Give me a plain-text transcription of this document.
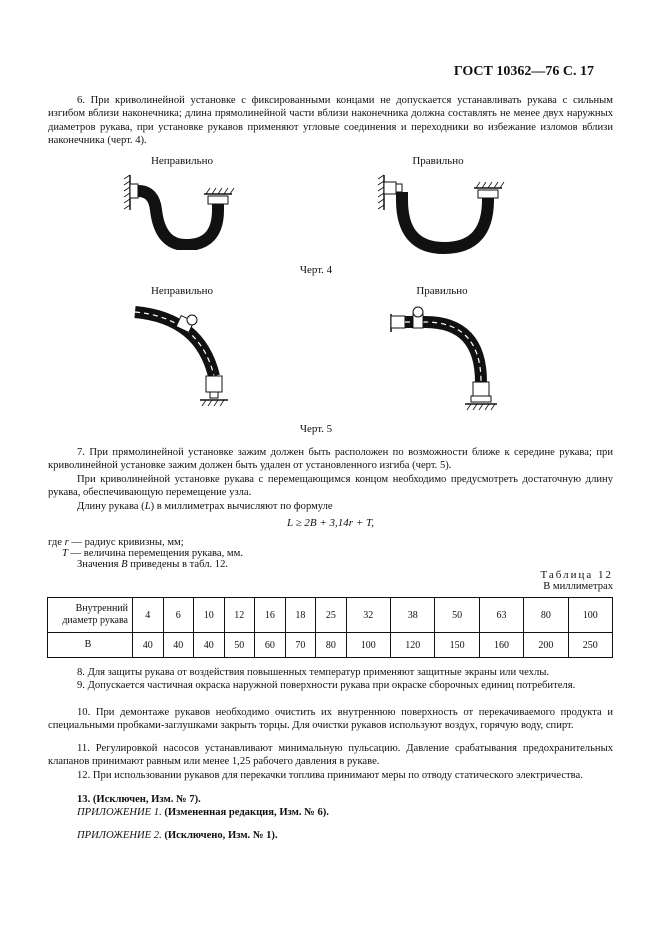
ГОСТ 10362—76 С. 17
6. При криволинейной установке с фиксированными концами не допускается устанавливать рукава с сильным изгибом вблизи наконечника; длина прямолинейной части вблизи наконечника должна составлять не менее двух наружных диаметров рукава, при установке рукавов применяют угловые соединения и переходники во избежание изломов вблизи наконечника (черт. 4).
Неправильно	Правильно
Черт. 4
Неправильно	Правильно
Черт. 5
7. При прямолинейной установке зажим должен быть расположен по возможности ближе к середине рукава; при криволинейной установке зажим должен быть удален от установленного изгиба (черт. 5).
При криволинейной установке рукава с перемещающимся концом необходимо предусмотреть достаточную длину рукава, обеспечивающую перемещение узла.
Длину рукава (L) в миллиметрах вычисляют по формуле
L ≥ 2B + 3,14r + T,
где r — радиус кривизны, мм;
T — величина перемещения рукава, мм.
Значения B приведены в табл. 12.
Таблица 12
В миллиметрах
Внутренний
диаметр рукава	4	6	10	12	16	18	25	32	38	50	63	80	100
B	40	40	40	50	60	70	80	100	120	150	160	200	250
8. Для защиты рукава от воздействия повышенных температур применяют защитные экраны или чехлы.
9. Допускается частичная окраска наружной поверхности рукава при окраске сборочных единиц потребителя.
10. При демонтаже рукавов необходимо очистить их внутреннюю поверхность от перекачиваемого продукта и специальными пробками-заглушками закрыть торцы. Для очистки рукавов используют воздух, горячую воду, спирт.
11. Регулировкой насосов устанавливают минимальную пульсацию. Давление срабатывания предохранительных клапанов принимают равным или менее 1,25 рабочего давления в рукаве.
12. При использовании рукавов для перекачки топлива принимают меры по отводу статического электричества.
13. (Исключен, Изм. № 7).
ПРИЛОЖЕНИЕ 1. (Измененная редакция, Изм. № 6).
ПРИЛОЖЕНИЕ 2. (Исключено, Изм. № 1).
